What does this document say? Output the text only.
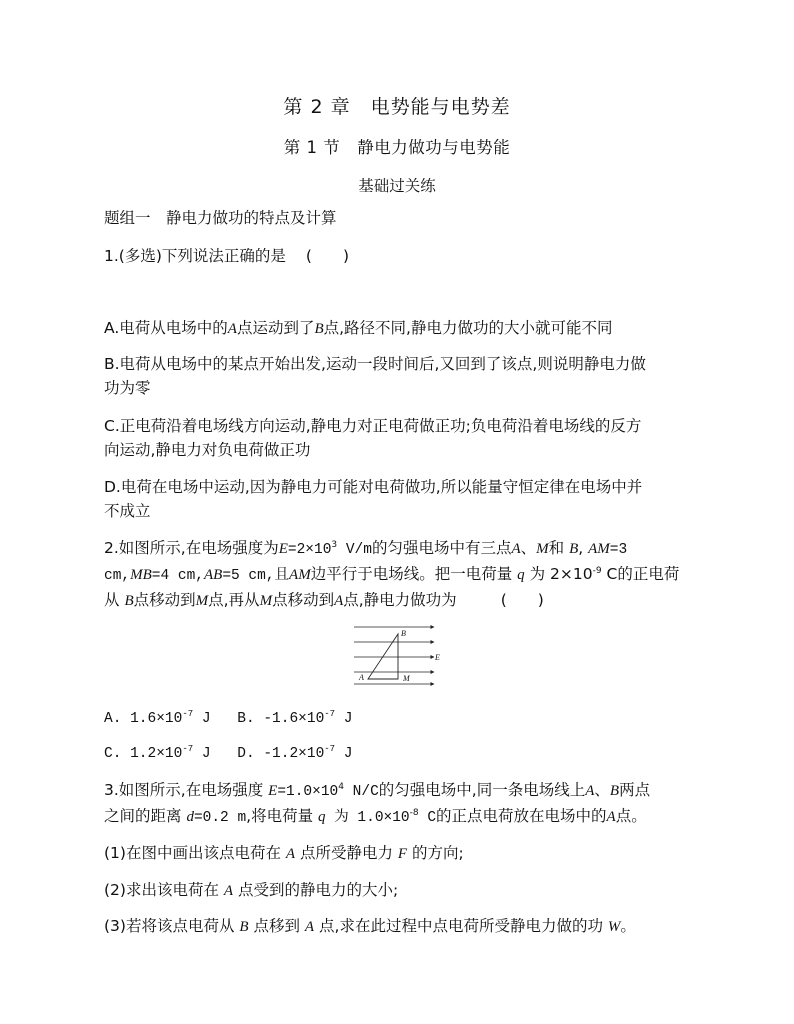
第 2 章　电势能与电势差
第 1 节　静电力做功与电势能
基础过关练
题组一　静电力做功的特点及计算
1.(多选)下列说法正确的是 (　　)
A.电荷从电场中的A点运动到了B点,路径不同,静电力做功的大小就可能不同
B.电荷从电场中的某点开始出发,运动一段时间后,又回到了该点,则说明静电力做
功为零
C.正电荷沿着电场线方向运动,静电力对正电荷做正功;负电荷沿着电场线的反方
向运动,静电力对负电荷做正功
D.电荷在电场中运动,因为静电力可能对电荷做功,所以能量守恒定律在电场中并
不成立
2.如图所示,在电场强度为$E=2\times 10^3$ V/m的匀强电场中有三点A、M和 B, AM=3
cm,MB=4 cm,AB=5 cm,且AM边平行于电场线。把一电荷量 q 为 $2\times 10^{-9}$ C的正电荷
从 B点移动到M点,再从M点移动到A点,静电力做功为	(　　)
B
E
A	M
A. $1.6\times 10^{-7}$ J B. $-1.6\times 10^{-7}$ J
C. $1.2\times 10^{-7}$ J D. $-1.2\times 10^{-7}$ J
3.如图所示,在电场强度 $E=1.0\times 10^4$ N/C的匀强电场中,同一条电场线上A、B两点
之间的距离 d=0.2 m,将电荷量 q 为 $1.0\times 10^{-8}$ C的正点电荷放在电场中的A点。
(1)在图中画出该点电荷在 A 点所受静电力 F 的方向;
(2)求出该电荷在 A 点受到的静电力的大小;
(3)若将该点电荷从 B 点移到 A 点,求在此过程中点电荷所受静电力做的功 W。
